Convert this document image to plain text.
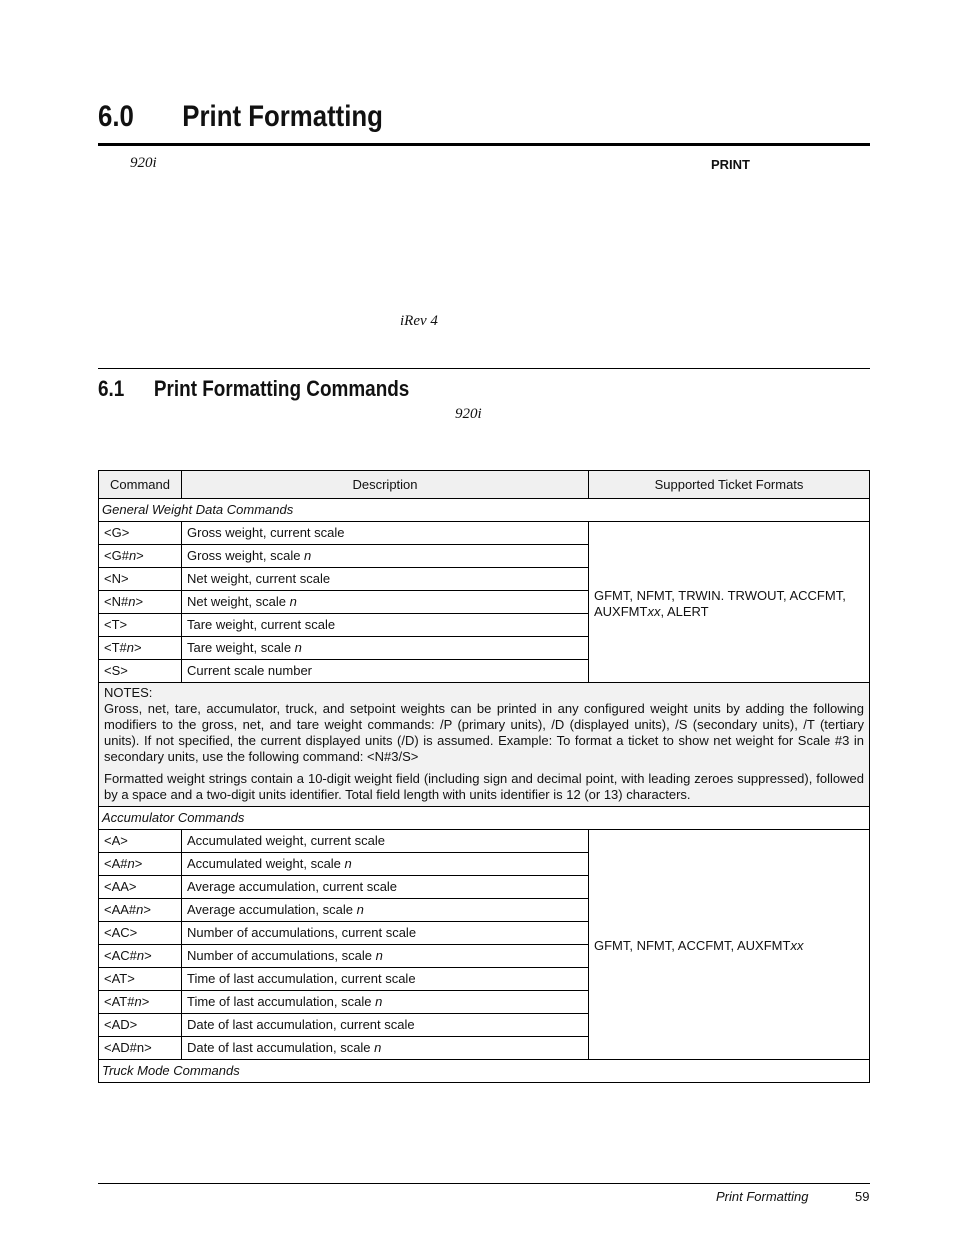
6.0 Print Formatting
920i	PRINT
iRev 4
6.1 Print Formatting Commands
920i
Command	Description	Supported Ticket Formats
General Weight Data Commands		
<G>	Gross weight, current scale	GFMT, NFMT, TRWIN. TRWOUT, ACCFMT, AUXFMTxx, ALERT
<G#n>	Gross weight, scale n	
<N>	Net weight, current scale	
<N#n>	Net weight, scale n	
<T>	Tare weight, current scale	
<T#n>	Tare weight, scale n	
<S>	Current scale number	

NOTES:

Gross, net, tare, accumulator, truck, and setpoint weights can be printed in any configured weight units by adding the following modifiers to the gross, net, and tare weight commands: /P (primary units), /D (displayed units), /S (secondary units), /T (tertiary units). If not specified, the current displayed units (/D) is assumed. Example: To format a ticket to show net weight for Scale #3 in secondary units, use the following command: <N#3/S>

Formatted weight strings contain a 10-digit weight field (including sign and decimal point, with leading zeroes suppressed), followed by a space and a two-digit units identifier. Total field length with units identifier is 12 (or 13) characters.		

Accumulator Commands		
<A>	Accumulated weight, current scale	GFMT, NFMT, ACCFMT, AUXFMTxx
<A#n>	Accumulated weight, scale n	
<AA>	Average accumulation, current scale	
<AA#n>	Average accumulation, scale n	
<AC>	Number of accumulations, current scale	
<AC#n>	Number of accumulations, scale n	
<AT>	Time of last accumulation, current scale	
<AT#n>	Time of last accumulation, scale n	
<AD>	Date of last accumulation, current scale	
<AD#n>	Date of last accumulation, scale n	
Truck Mode Commands		
Print Formatting	59
